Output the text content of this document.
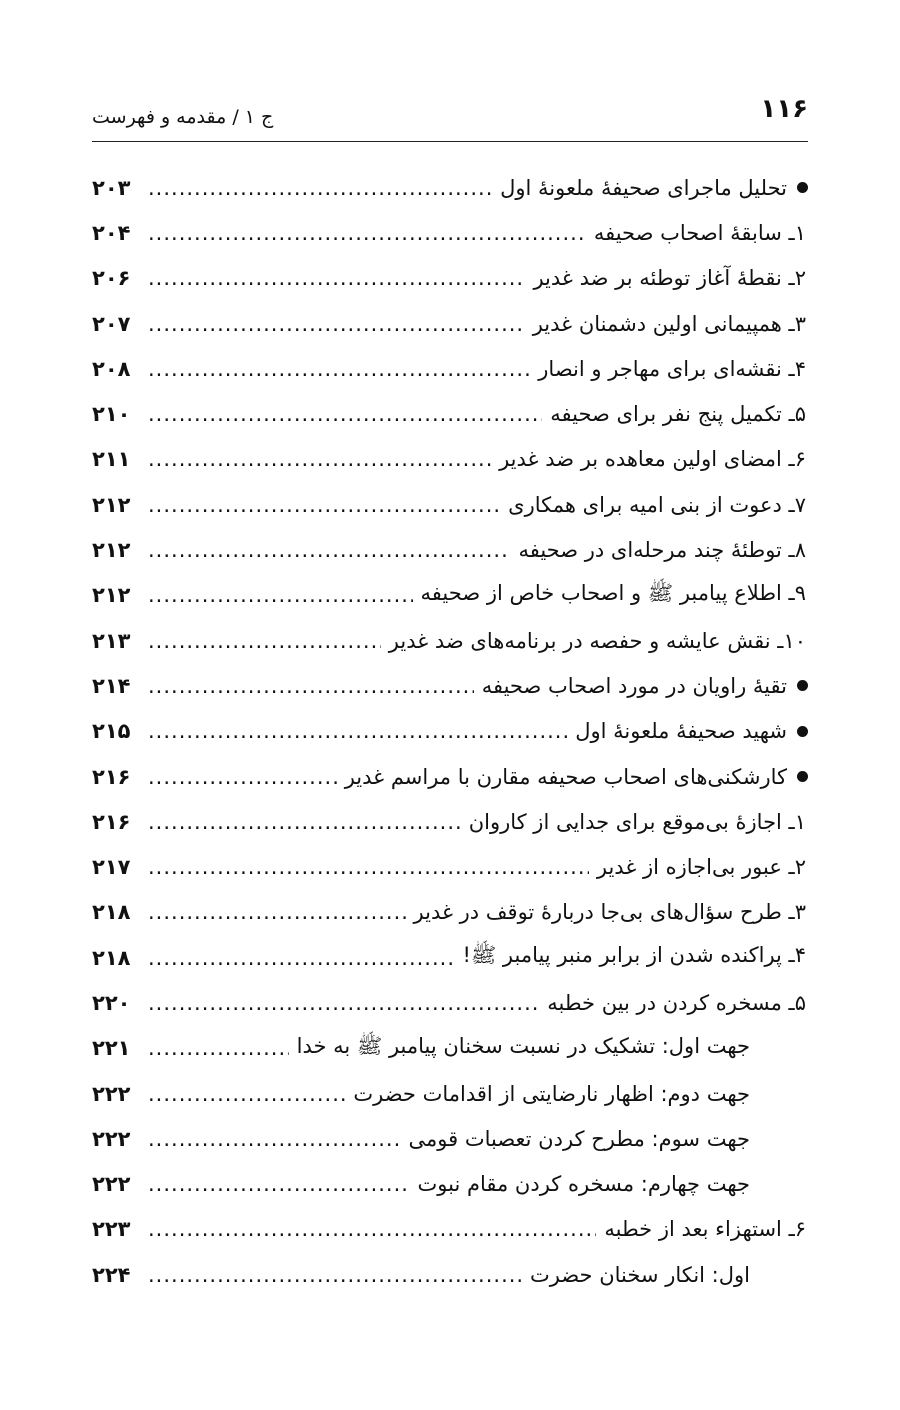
۱۱۶
ج ۱ / مقدمه و فهرست
تحلیل ماجرای صحیفهٔ ملعونهٔ اول
.....
۲۰۳
۱ـ سابقهٔ اصحاب صحیفه
.....
۲۰۴
۲ـ نقطهٔ آغاز توطئه بر ضد غدیر
.....
۲۰۶
۳ـ همپیمانی اولین دشمنان غدیر
.....
۲۰۷
۴ـ نقشه‌ای برای مهاجر و انصار
.....
۲۰۸
۵ـ تکمیل پنج نفر برای صحیفه
.....
۲۱۰
۶ـ امضای اولین معاهده بر ضد غدیر
.....
۲۱۱
۷ـ دعوت از بنی امیه برای همکاری
.....
۲۱۲
۸ـ توطئهٔ چند مرحله‌ای در صحیفه
.....
۲۱۲
۹ـ اطلاع پیامبر ﷺ و اصحاب خاص از صحیفه
.....
۲۱۲
۱۰ـ نقش عایشه و حفصه در برنامه‌های ضد غدیر
.....
۲۱۳
تقیهٔ راویان در مورد اصحاب صحیفه
.....
۲۱۴
شهید صحیفهٔ ملعونهٔ اول
.....
۲۱۵
کارشکنی‌های اصحاب صحیفه مقارن با مراسم غدیر
.....
۲۱۶
۱ـ اجازهٔ بی‌موقع برای جدایی از کاروان
.....
۲۱۶
۲ـ عبور بی‌اجازه از غدیر
.....
۲۱۷
۳ـ طرح سؤال‌های بی‌جا دربارهٔ توقف در غدیر
.....
۲۱۸
۴ـ پراکنده شدن از برابر منبر پیامبر ﷺ!
.....
۲۱۸
۵ـ مسخره کردن در بین خطبه
.....
۲۲۰
جهت اول: تشکیک در نسبت سخنان پیامبر ﷺ به خدا
.....
۲۲۱
جهت دوم: اظهار نارضایتی از اقدامات حضرت
.....
۲۲۲
جهت سوم: مطرح کردن تعصبات قومی
.....
۲۲۲
جهت چهارم: مسخره کردن مقام نبوت
.....
۲۲۲
۶ـ استهزاء بعد از خطبه
.....
۲۲۳
اول: انکار سخنان حضرت
.....
۲۲۴
